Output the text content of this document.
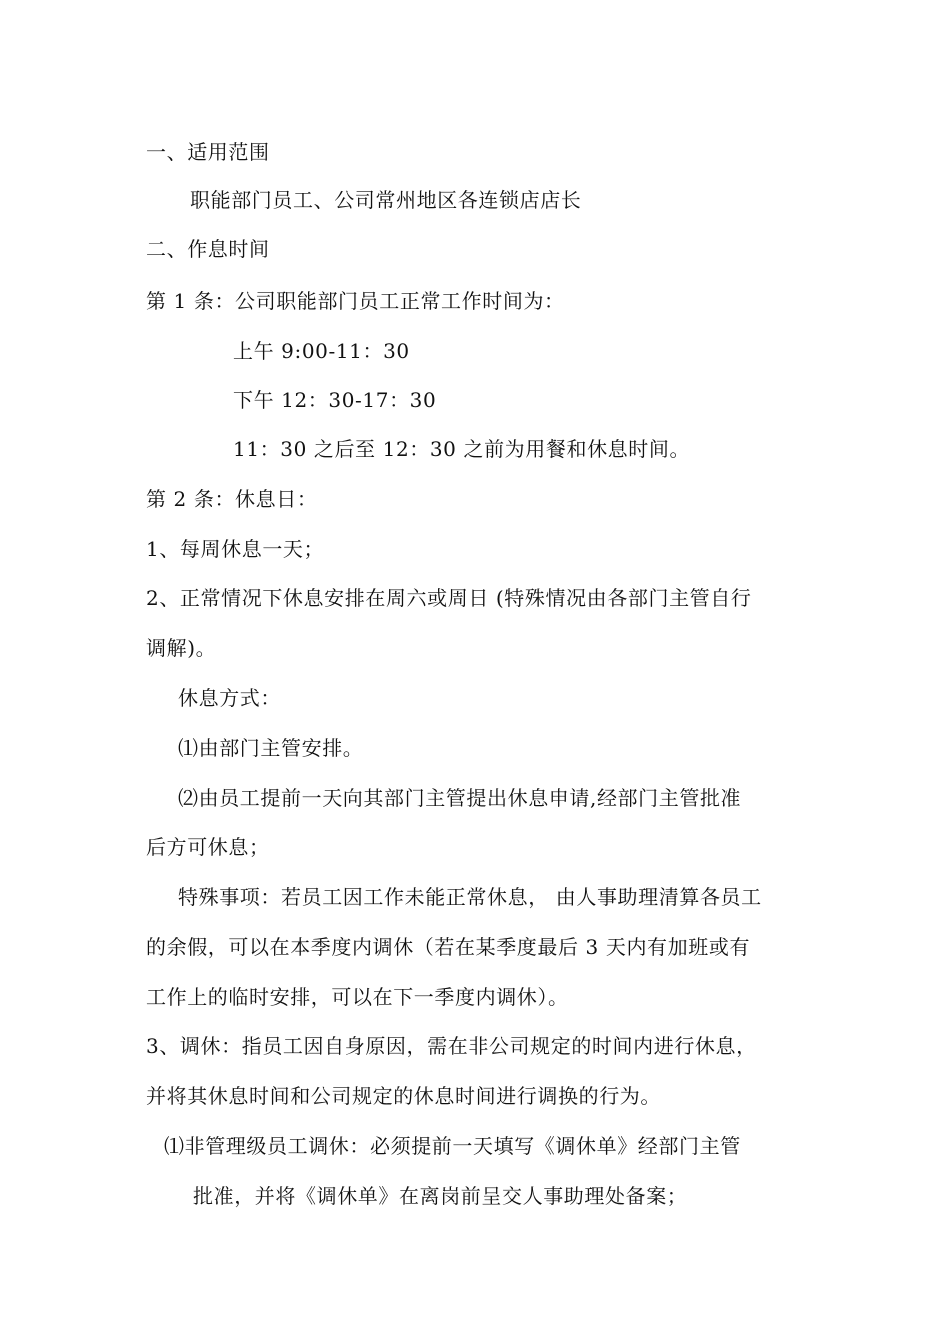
一、适用范围
职能部门员工、公司常州地区各连锁店店长
二、作息时间
第 1 条：公司职能部门员工正常工作时间为：
上午 9:00-11：30
下午 12：30-17：30
11：30 之后至 12：30 之前为用餐和休息时间。
第 2 条：休息日：
1、每周休息一天；
2、正常情况下休息安排在周六或周日 (特殊情况由各部门主管自行
调解)。
休息方式：
⑴由部门主管安排。
⑵由员工提前一天向其部门主管提出休息申请,经部门主管批准
后方可休息；
特殊事项：若员工因工作未能正常休息， 由人事助理清算各员工
的余假，可以在本季度内调休（若在某季度最后 3 天内有加班或有
工作上的临时安排，可以在下一季度内调休）。
3、调休：指员工因自身原因，需在非公司规定的时间内进行休息，
并将其休息时间和公司规定的休息时间进行调换的行为。
⑴非管理级员工调休：必须提前一天填写《调休单》经部门主管
批准，并将《调休单》在离岗前呈交人事助理处备案；
